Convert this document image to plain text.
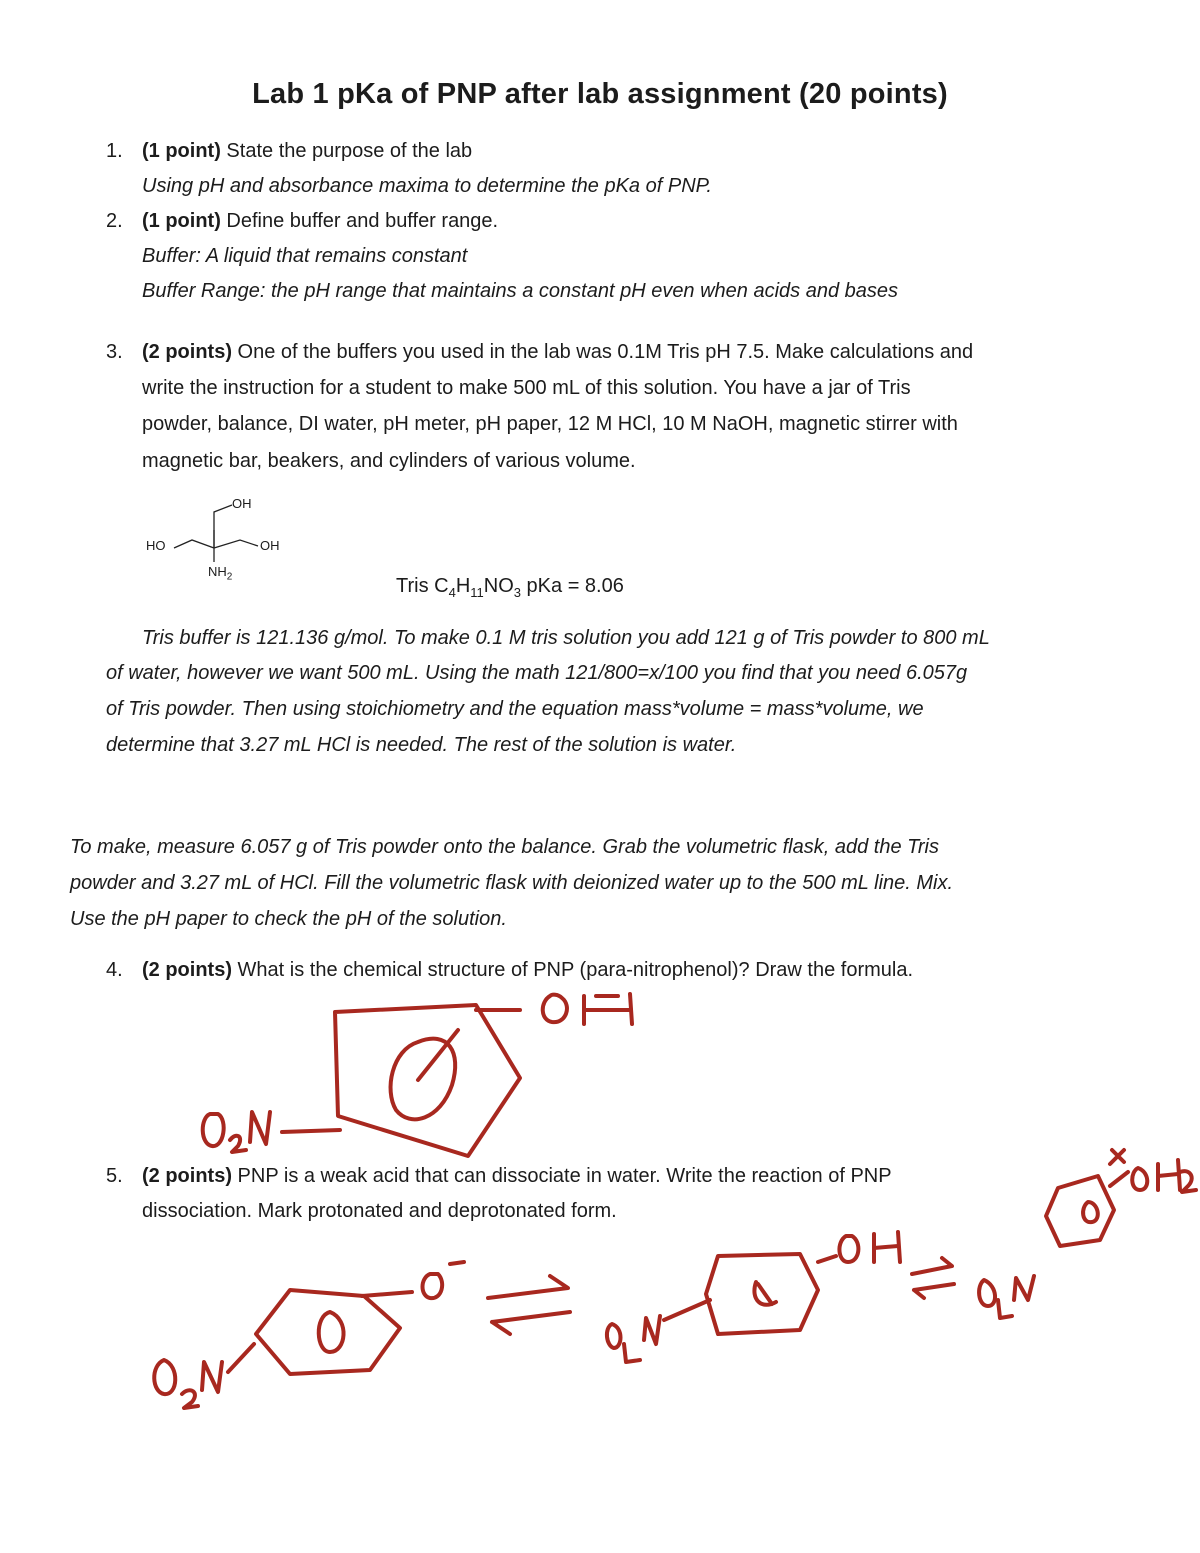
Lab 1 pKa of PNP after lab assignment (20 points)
1. (1 point) State the purpose of the lab
Using pH and absorbance maxima to determine the pKa of PNP.
2. (1 point) Define buffer and buffer range.
Buffer: A liquid that remains constant
Buffer Range: the pH range that maintains a constant pH even when acids and bases
3. (2 points) One of the buffers you used in the lab was 0.1M Tris pH 7.5. Make calculations and
write the instruction for a student to make 500 mL of this solution. You have a jar of Tris
powder, balance, DI water, pH meter, pH paper, 12 M HCl, 10 M NaOH, magnetic stirrer with
magnetic bar, beakers, and cylinders of various volume.
OH
HO	OH
$NH_2$	Tris $C_4H_{11}NO_3$ pKa = 8.06
Tris buffer is 121.136 g/mol. To make 0.1 M tris solution you add 121 g of Tris powder to 800 mL
of water, however we want 500 mL. Using the math 121/800=x/100 you find that you need 6.057g
of Tris powder. Then using stoichiometry and the equation mass*volume = mass*volume, we
determine that 3.27 mL HCl is needed. The rest of the solution is water.
To make, measure 6.057 g of Tris powder onto the balance. Grab the volumetric flask, add the Tris
powder and 3.27 mL of HCl. Fill the volumetric flask with deionized water up to the 500 mL line. Mix.
Use the pH paper to check the pH of the solution.
4. (2 points) What is the chemical structure of PNP (para-nitrophenol)? Draw the formula.
5. (2 points) PNP is a weak acid that can dissociate in water. Write the reaction of PNP
dissociation. Mark protonated and deprotonated form.
